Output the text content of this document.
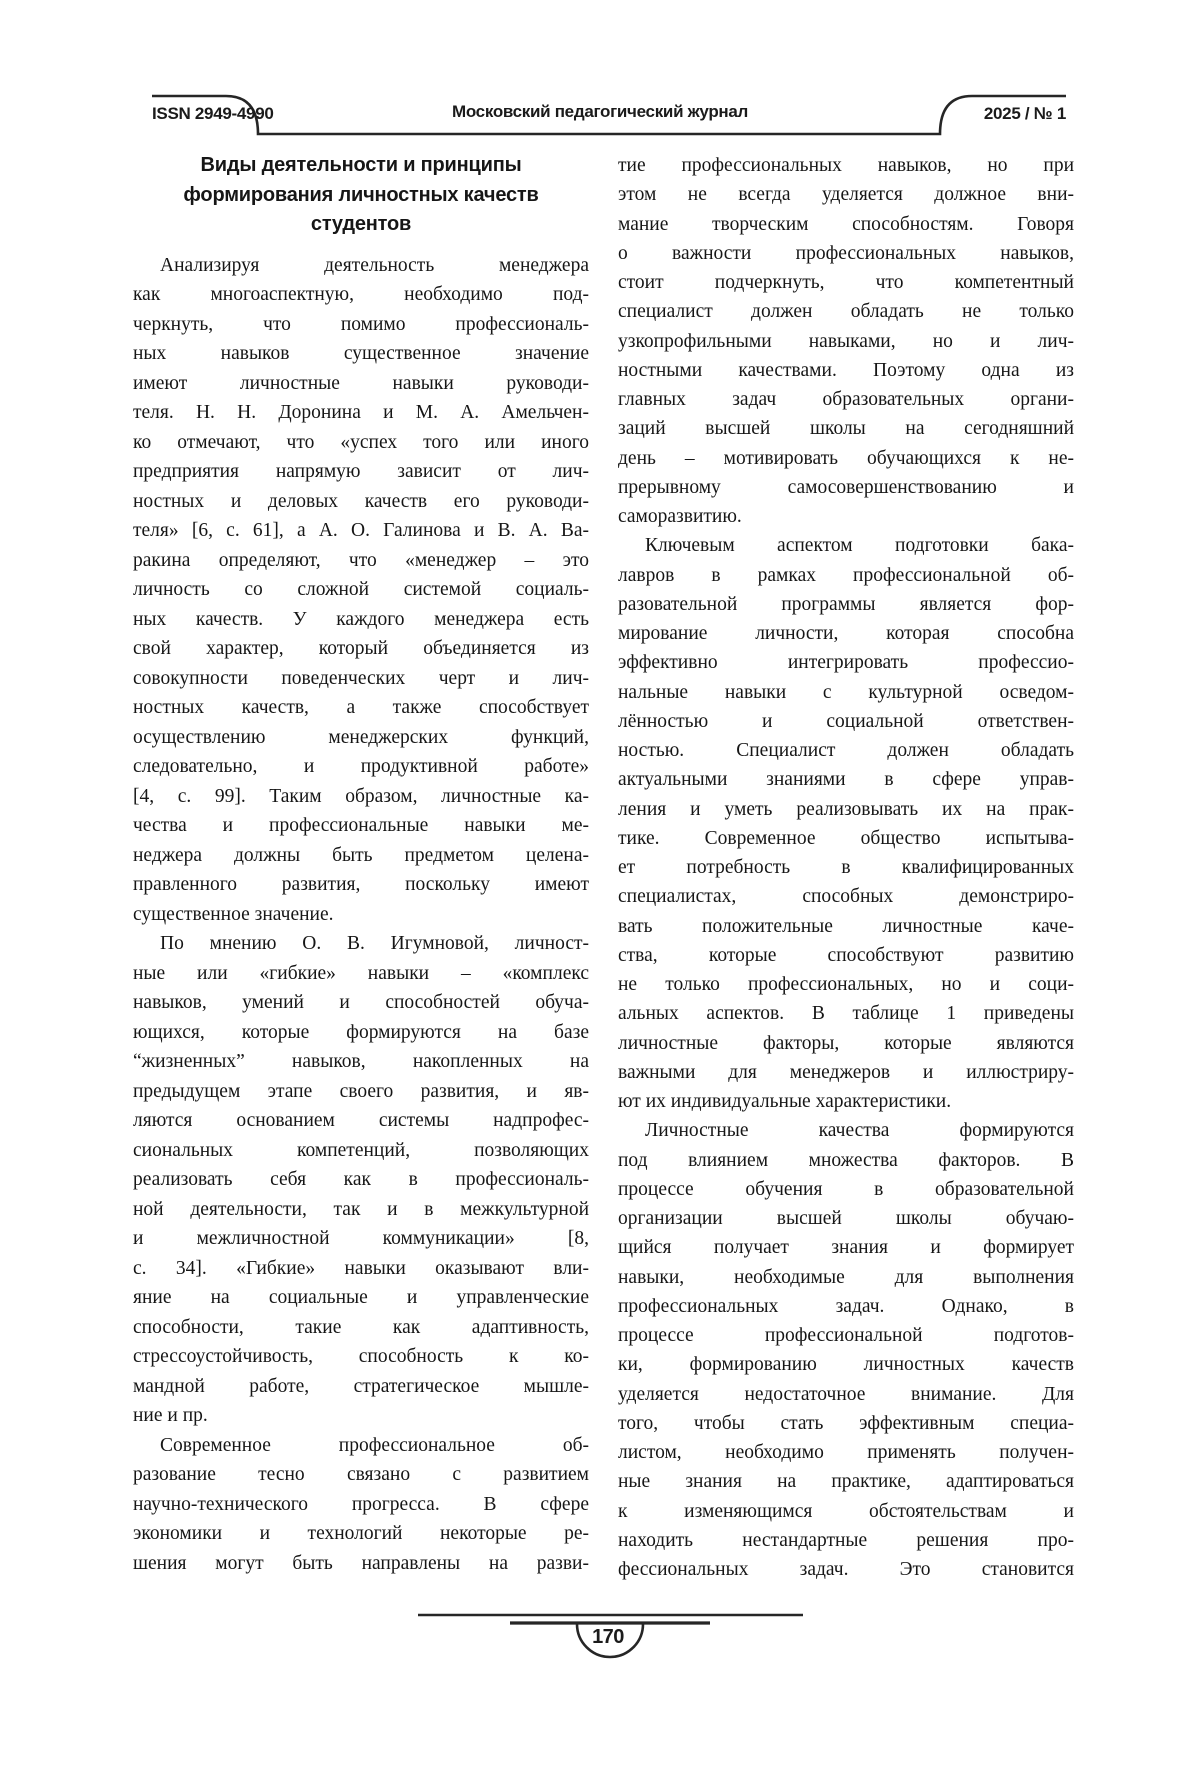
ISSN 2949-4990	Московский педагогический журнал	2025 / № 1
Виды деятельности и принципы
формирования личностных качеств
студентов
Анализируя деятельность менеджера
как многоаспектную, необходимо под-
черкнуть, что помимо профессиональ-
ных навыков существенное значение
имеют личностные навыки руководи-
теля. Н. Н. Доронина и М. А. Амельчен-
ко отмечают, что «успех того или иного
предприятия напрямую зависит от лич-
ностных и деловых качеств его руководи-
теля» [6, с. 61], а А. О. Галинова и В. А. Ва-
ракина определяют, что «менеджер – это
личность со сложной системой социаль-
ных качеств. У каждого менеджера есть
свой характер, который объединяется из
совокупности поведенческих черт и лич-
ностных качеств, а также способствует
осуществлению менеджерских функций,
следовательно, и продуктивной работе»
[4, с. 99]. Таким образом, личностные ка-
чества и профессиональные навыки ме-
неджера должны быть предметом целена-
правленного развития, поскольку имеют
существенное значение.
По мнению О. В. Игумновой, личност-
ные или «гибкие» навыки – «комплекс
навыков, умений и способностей обуча-
ющихся, которые формируются на базе
“жизненных” навыков, накопленных на
предыдущем этапе своего развития, и яв-
ляются основанием системы надпрофес-
сиональных компетенций, позволяющих
реализовать себя как в профессиональ-
ной деятельности, так и в межкультурной
и межличностной коммуникации» [8,
с. 34]. «Гибкие» навыки оказывают вли-
яние на социальные и управленческие
способности, такие как адаптивность,
стрессоустойчивость, способность к ко-
мандной работе, стратегическое мышле-
ние и пр.
Современное профессиональное об-
разование тесно связано с развитием
научно-технического прогресса. В сфере
экономики и технологий некоторые ре-
шения могут быть направлены на разви-
тие профессиональных навыков, но при
этом не всегда уделяется должное вни-
мание творческим способностям. Говоря
о важности профессиональных навыков,
стоит подчеркнуть, что компетентный
специалист должен обладать не только
узкопрофильными навыками, но и лич-
ностными качествами. Поэтому одна из
главных задач образовательных органи-
заций высшей школы на сегодняшний
день – мотивировать обучающихся к не-
прерывному самосовершенствованию и
саморазвитию.
Ключевым аспектом подготовки бака-
лавров в рамках профессиональной об-
разовательной программы является фор-
мирование личности, которая способна
эффективно интегрировать профессио-
нальные навыки с культурной осведом-
лённостью и социальной ответствен-
ностью. Специалист должен обладать
актуальными знаниями в сфере управ-
ления и уметь реализовывать их на прак-
тике. Современное общество испытыва-
ет потребность в квалифицированных
специалистах, способных демонстриро-
вать положительные личностные каче-
ства, которые способствуют развитию
не только профессиональных, но и соци-
альных аспектов. В таблице 1 приведены
личностные факторы, которые являются
важными для менеджеров и иллюстриру-
ют их индивидуальные характеристики.
Личностные качества формируются
под влиянием множества факторов. В
процессе обучения в образовательной
организации высшей школы обучаю-
щийся получает знания и формирует
навыки, необходимые для выполнения
профессиональных задач. Однако, в
процессе профессиональной подготов-
ки, формированию личностных качеств
уделяется недостаточное внимание. Для
того, чтобы стать эффективным специа-
листом, необходимо применять получен-
ные знания на практике, адаптироваться
к изменяющимся обстоятельствам и
находить нестандартные решения про-
фессиональных задач. Это становится
170
